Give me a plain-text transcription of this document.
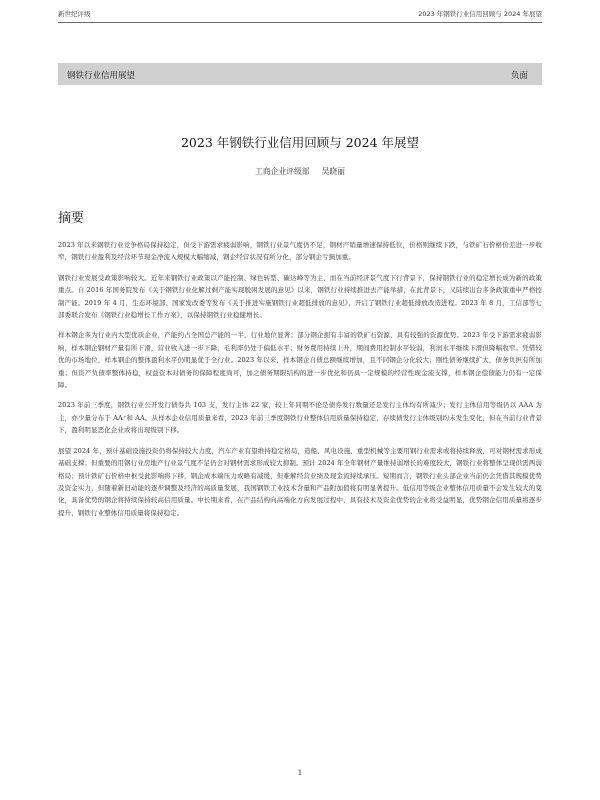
新世纪评级	2023 年钢铁行业信用回顾与 2024 年展望
钢铁行业信用展望	负面
2023 年钢铁行业信用回顾与 2024 年展望
工商企业评级部 吴晓丽
摘要

2023 年以来钢铁行业竞争格局保持稳定，但受下游需求疲弱影响，钢铁行业景气度仍不足，钢材产销量增速保持低位，价格则继续下跌，与铁矿石价格价差进一步收窄，钢铁行业盈利及经营环节现金净流入规模大幅缩减，钢企经营状况有所分化，部分钢企亏损加重。

钢铁行业发展受政策影响较大。近年来钢铁行业政策以产能控制、绿色转型、碳达峰等为主，而在当前经济景气度下行背景下，保持钢铁行业的稳定增长成为新的政策重点。自 2016 年国务院发布《关于钢铁行业化解过剩产能实现脱困发展的意见》以来，钢铁行业持续推进去产能举措，在此背景下，又陆续出台多条政策重申严格控制产能。2019 年 4 月，生态环境部、国家发改委等发布《关于推进实施钢铁行业超低排放的意见》，开启了钢铁行业超低排放改造进程。2023 年 8 月，工信部等七部委联合发布《钢铁行业稳增长工作方案》，以保持钢铁行业稳健增长。

样本钢企多为行业内大型优质企业，产能约占全国总产能的一半，行业地位显著；部分钢企拥有丰富的铁矿石资源，具有较强的资源优势。2023 年受下游需求疲弱影响，样本钢企钢材产量有所下滑，营业收入进一步下降，毛利率仍处于偏低水平；财务费用持续上升，期间费用控制水平较弱，利润水平继续下滑但降幅收窄。凭借较优的市场地位，样本钢企的整体盈利水平仍明显优于全行业。2023 年以来，样本钢企自债总额继续增加，且不同钢企分化较大；刚性债务继续扩大，债务负担有所加重；但资产负债率整体持稳，权益资本对债务的保障程度尚可，加之债务期限结构的进一步优化和仍具一定规模的经营性现金流支撑，样本钢企偿债能力仍有一定保障。

2023 年前三季度，钢铁行业公开发行债券共 103 支，发行主体 22 家，较上年同期不论是债券发行数量还是发行主体均有所减少；发行主体信用等级仍以 AAA 为主，亦少量分布于 AA⁺和 AA。从样本企业信用质量来看，2023 年前三季度钢铁行业整体信用质量保持稳定，存续债发行主体级别均未发生变化，但在当前行业背景下，盈利明显恶化企业或将出现级别下移。

展望 2024 年，预计基础设施投资仍将保持较大力度，汽车产业有望维持稳定格局，造船、风电设施、重型机械等主要用钢行业需求或将持续释放，可对钢材需求形成基础支撑；但重要的用钢行业房地产行业景气度不足仍会对钢材需求形成较大抑制。预计 2024 年全年钢材产量维持弱增长的难度较大，钢铁行业将整体呈现供需两弱格局；预计铁矿石价格中枢受此影响将下移，钢企成本端压力或略有减缓，但难解经营业绩及现金流持续承压。短期而言，钢铁行业头部企业当前仍会凭借其规模优势及资金实力，但随着新旧动能的逐步调整及经济的高质量发展，我国钢铁工业技术含量和产品附加值将有明显著提升。低信用等级企业整体信用质量不会发生较大的变化，具备优势的钢企将持续保持较高信用质量。中长期来看，在产品结构向高端化方向发展过程中，具有技术及资金优势的企业将受益明显，优势钢企信用质量将逐步提升，钢铁行业整体信用质量将保持稳定。

1
